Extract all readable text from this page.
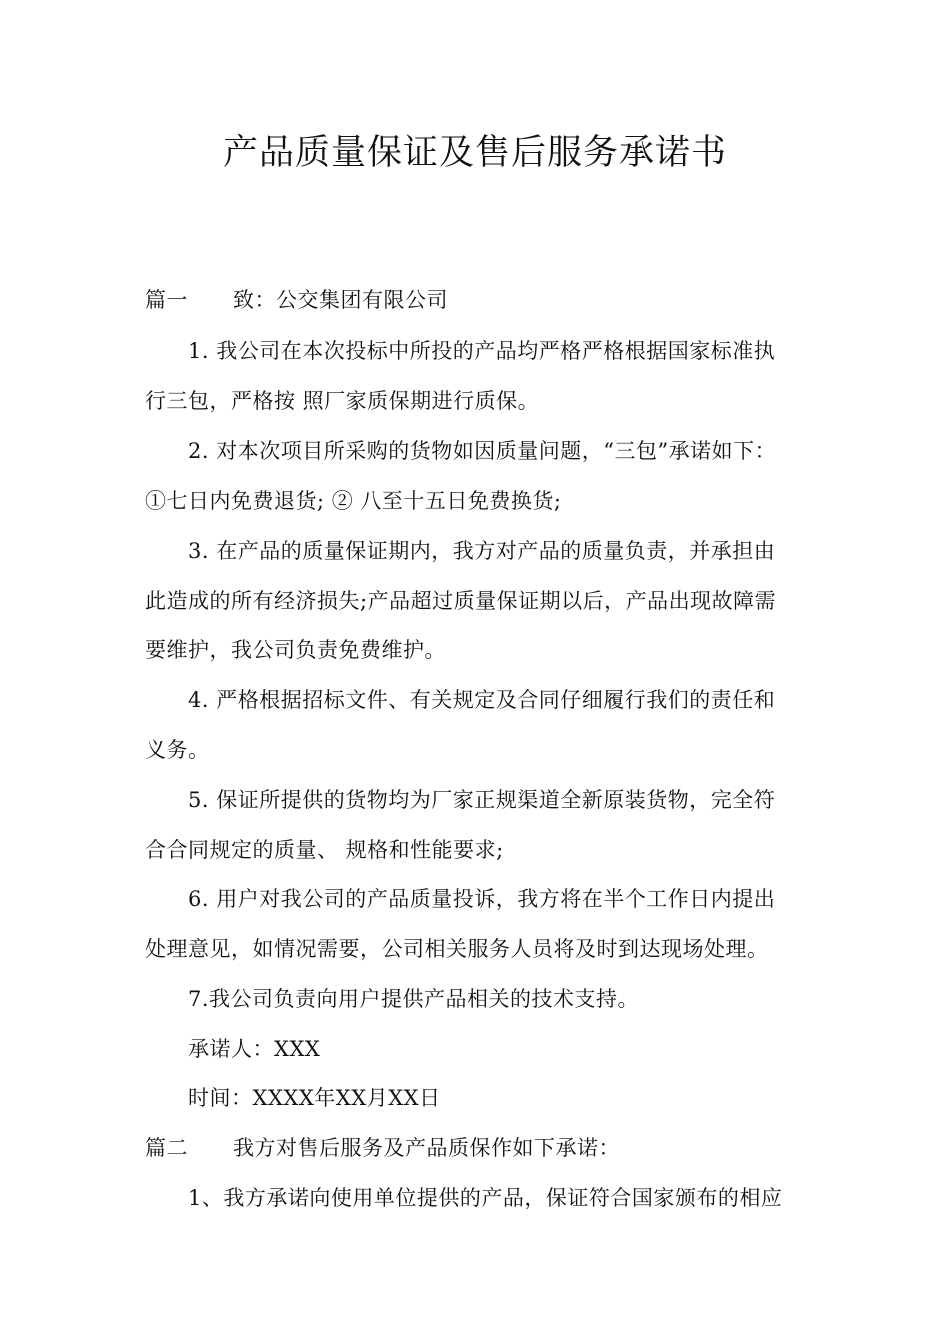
产品质量保证及售后服务承诺书
篇一 致：公交集团有限公司
1. 我公司在本次投标中所投的产品均严格严格根据国家标准执
行三包，严格按 照厂家质保期进行质保。
2. 对本次项目所采购的货物如因质量问题，“三包”承诺如下：
①七日内免费退货; ② 八至十五日免费换货;
3. 在产品的质量保证期内，我方对产品的质量负责，并承担由
此造成的所有经济损失;产品超过质量保证期以后，产品出现故障需
要维护，我公司负责免费维护。
4. 严格根据招标文件、有关规定及合同仔细履行我们的责任和
义务。
5. 保证所提供的货物均为厂家正规渠道全新原装货物，完全符
合合同规定的质量、 规格和性能要求;
6. 用户对我公司的产品质量投诉，我方将在半个工作日内提出
处理意见，如情况需要，公司相关服务人员将及时到达现场处理。
7.我公司负责向用户提供产品相关的技术支持。
承诺人：XXX
时间：XXXX年XX月XX日
篇二 我方对售后服务及产品质保作如下承诺：
1、我方承诺向使用单位提供的产品，保证符合国家颁布的相应
